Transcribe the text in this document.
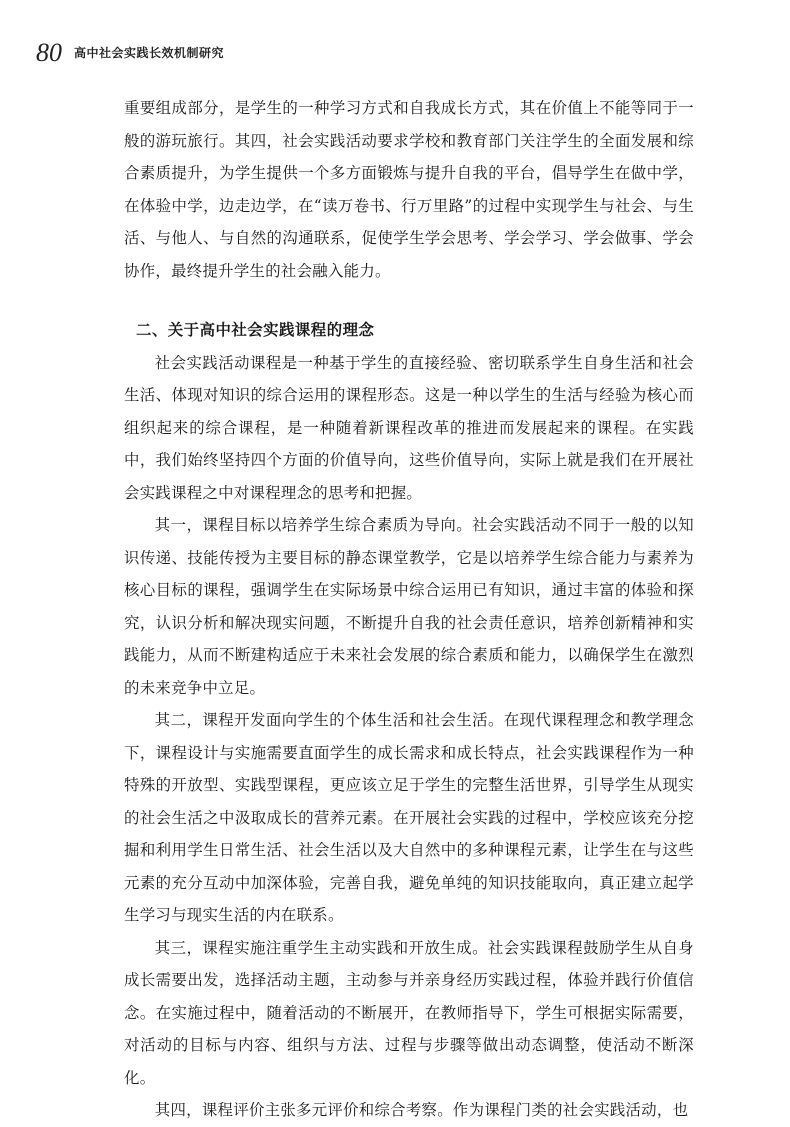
80 高中社会实践长效机制研究

重要组成部分，是学生的一种学习方式和自我成长方式，其在价值上不能等同于一般的游玩旅行。其四，社会实践活动要求学校和教育部门关注学生的全面发展和综合素质提升，为学生提供一个多方面锻炼与提升自我的平台，倡导学生在做中学，在体验中学，边走边学，在“读万卷书、行万里路”的过程中实现学生与社会、与生活、与他人、与自然的沟通联系，促使学生学会思考、学会学习、学会做事、学会协作，最终提升学生的社会融入能力。

二、关于高中社会实践课程的理念

社会实践活动课程是一种基于学生的直接经验、密切联系学生自身生活和社会生活、体现对知识的综合运用的课程形态。这是一种以学生的生活与经验为核心而组织起来的综合课程，是一种随着新课程改革的推进而发展起来的课程。在实践中，我们始终坚持四个方面的价值导向，这些价值导向，实际上就是我们在开展社会实践课程之中对课程理念的思考和把握。

其一，课程目标以培养学生综合素质为导向。社会实践活动不同于一般的以知识传递、技能传授为主要目标的静态课堂教学，它是以培养学生综合能力与素养为核心目标的课程，强调学生在实际场景中综合运用已有知识，通过丰富的体验和探究，认识分析和解决现实问题，不断提升自我的社会责任意识，培养创新精神和实践能力，从而不断建构适应于未来社会发展的综合素质和能力，以确保学生在激烈的未来竞争中立足。

其二，课程开发面向学生的个体生活和社会生活。在现代课程理念和教学理念下，课程设计与实施需要直面学生的成长需求和成长特点，社会实践课程作为一种特殊的开放型、实践型课程，更应该立足于学生的完整生活世界，引导学生从现实的社会生活之中汲取成长的营养元素。在开展社会实践的过程中，学校应该充分挖掘和利用学生日常生活、社会生活以及大自然中的多种课程元素，让学生在与这些元素的充分互动中加深体验，完善自我，避免单纯的知识技能取向，真正建立起学生学习与现实生活的内在联系。

其三，课程实施注重学生主动实践和开放生成。社会实践课程鼓励学生从自身成长需要出发，选择活动主题，主动参与并亲身经历实践过程，体验并践行价值信念。在实施过程中，随着活动的不断展开，在教师指导下，学生可根据实际需要，对活动的目标与内容、组织与方法、过程与步骤等做出动态调整，使活动不断深化。

其四，课程评价主张多元评价和综合考察。作为课程门类的社会实践活动，也
